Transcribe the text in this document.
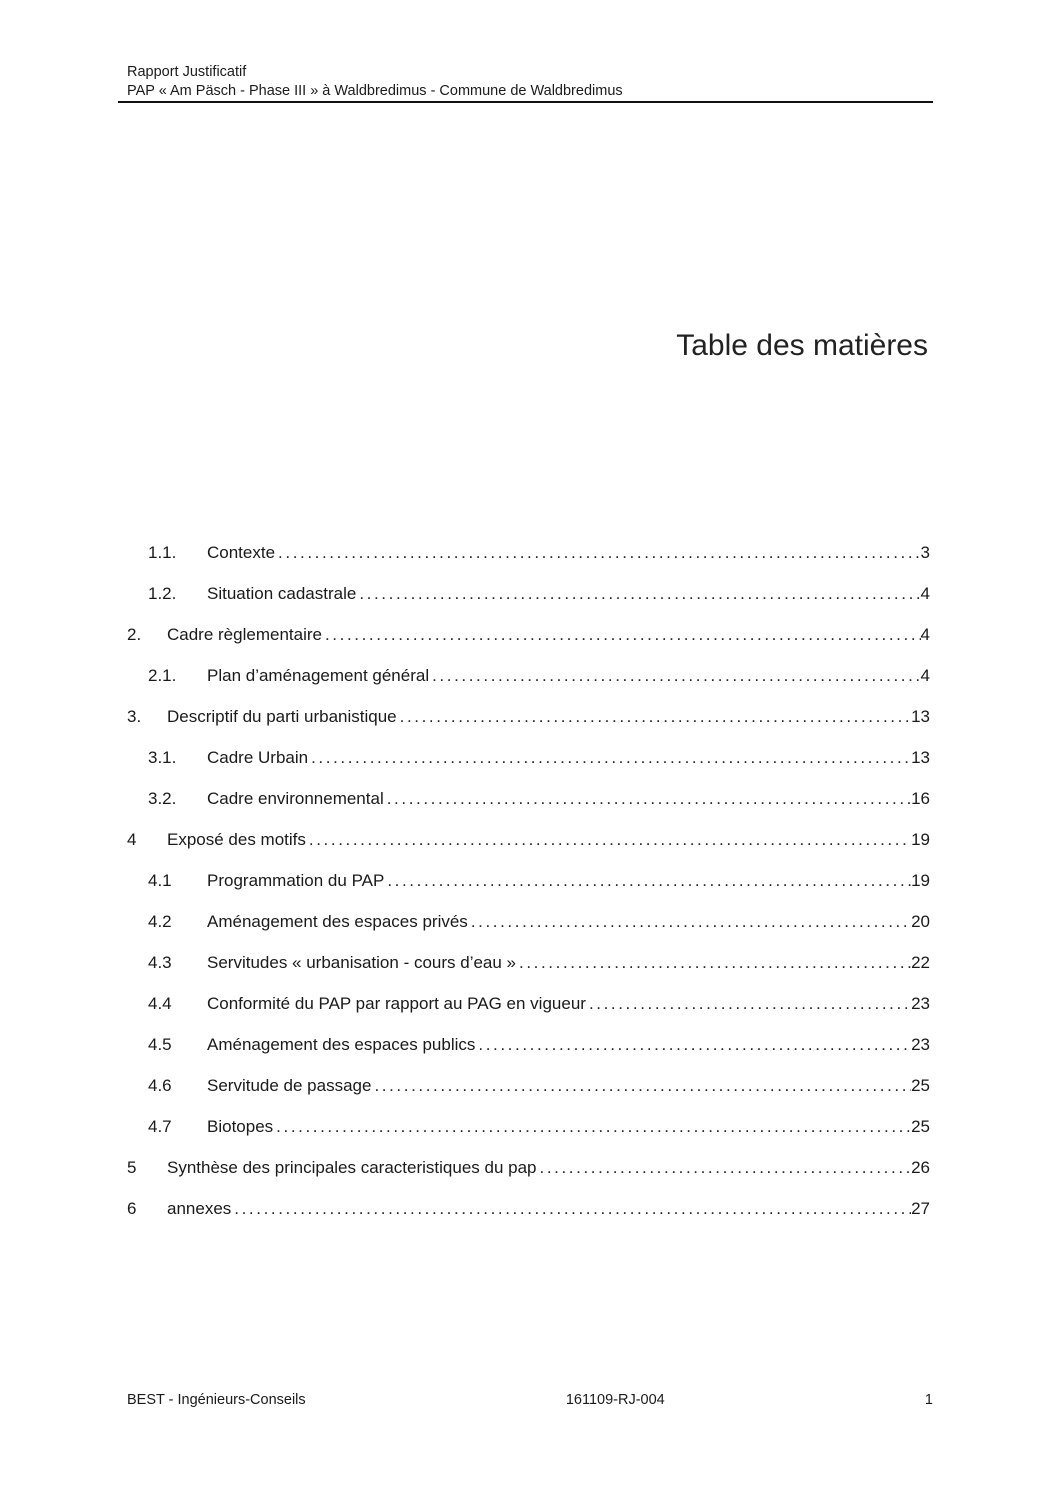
Rapport Justificatif
PAP « Am Päsch - Phase III » à Waldbredimus - Commune de Waldbredimus
Table des matières
1.1.	Contexte .....	3
1.2.	Situation cadastrale .....	4
2.	Cadre règlementaire .....	4
2.1.	Plan d’aménagement général .....	4
3.	Descriptif du parti urbanistique .....	13
3.1.	Cadre Urbain .....	13
3.2.	Cadre environnemental .....	16
4	Exposé des motifs .....	19
4.1	Programmation du PAP .....	19
4.2	Aménagement des espaces privés .....	20
4.3	Servitudes « urbanisation - cours d’eau » .....	22
4.4	Conformité du PAP par rapport au PAG en vigueur .....	23
4.5	Aménagement des espaces publics .....	23
4.6	Servitude de passage .....	25
4.7	Biotopes .....	25
5	Synthèse des principales caracteristiques du pap .....	26
6	annexes .....	27
BEST - Ingénieurs-Conseils	161109-RJ-004	1
